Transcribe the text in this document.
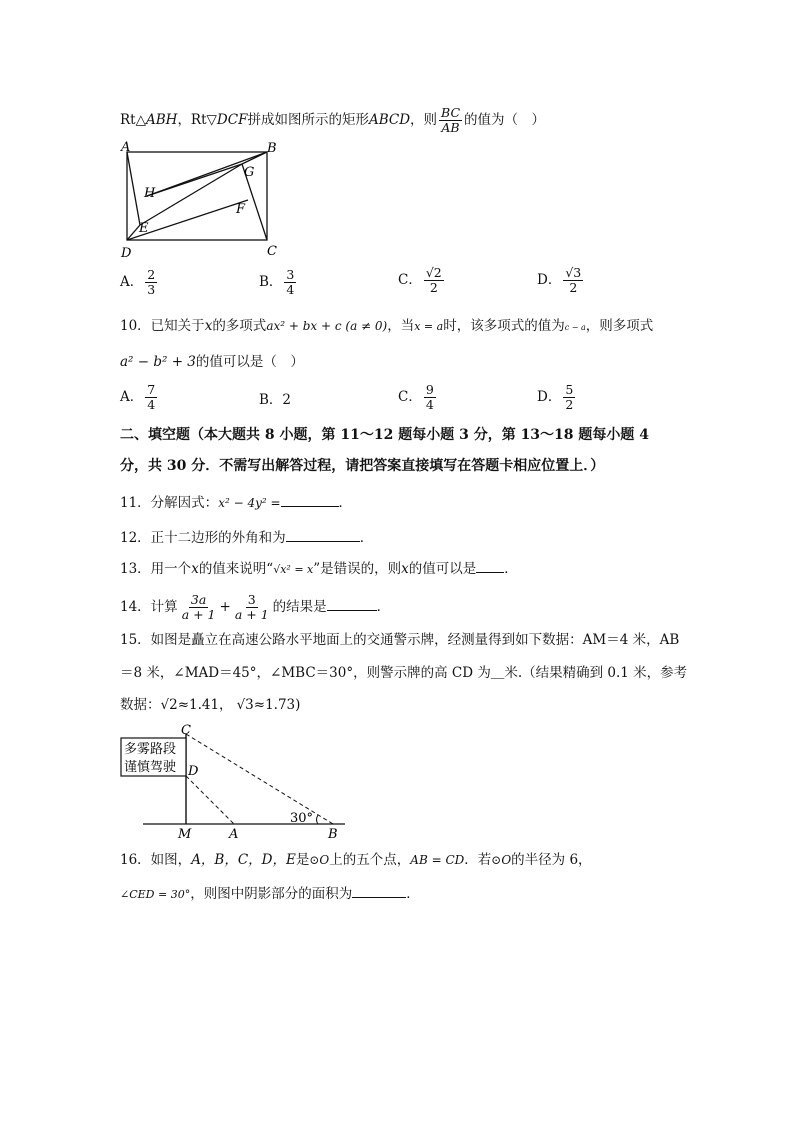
Rt△ABH，Rt▽DCF拼成如图所示的矩形ABCD，则 $\frac{BC}{AB}$ 的值为（　）
A	B
C
D
E
F
G
H
A． $\frac{2}{3}$	B． $\frac{3}{4}$	C． $\frac{√2}{2}$	D． $\frac{√3}{2}$
10．已知关于x的多项式ax² + bx + c (a ≠ 0)，当x = a时，该多项式的值为c − a，则多项式
a² − b² + 3的值可以是（　）
A． $\frac{7}{4}$	B．2	C． $\frac{9}{4}$	D． $\frac{5}{2}$
二、填空题（本大题共 8 小题，第 11～12 题每小题 3 分，第 13～18 题每小题 4
分，共 30 分．不需写出解答过程，请把答案直接填写在答题卡相应位置上．）
11．分解因式：x² − 4y² =	．
12．正十二边形的外角和为	．
13．用一个x的值来说明“√x² = x”是错误的，则x的值可以是 ．
14．计算 $\frac{3a}{a + 1} + \frac{3}{a + 1}$ 的结果是	．
15．如图是矗立在高速公路水平地面上的交通警示牌，经测量得到如下数据：AM＝4 米，AB
＝8 米，∠MAD＝45°，∠MBC＝30°，则警示牌的高 CD 为＿米.（结果精确到 0.1 米，参考
数据：√2≈1.41， √3≈1.73)
多雾路段
谨慎驾驶
C
D
M	A	B
30°
16．如图，A，B，C，D，E是⊙O上的五个点，AB = CD．若⊙O的半径为 6，
∠CED = 30°，则图中阴影部分的面积为	．
